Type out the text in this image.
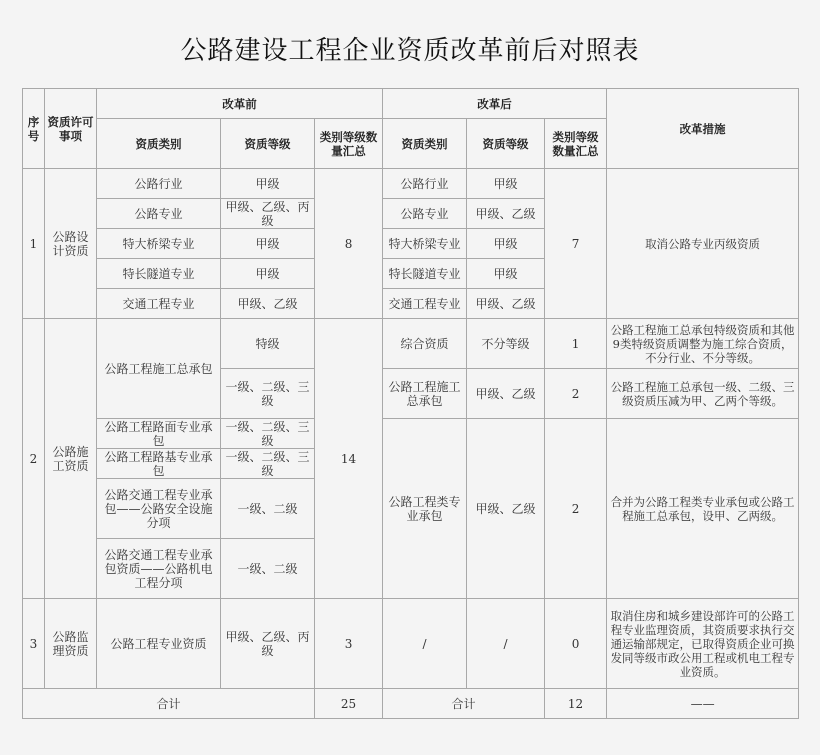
公路建设工程企业资质改革前后对照表
序号	资质许可事项	改革前			改革后			改革措施
		资质类别	资质等级	类别等级数量汇总	资质类别	资质等级	类别等级数量汇总	
1	公路设计资质	公路行业	甲级	8	公路行业	甲级	7	取消公路专业丙级资质
		公路专业	甲级、乙级、丙级		公路专业	甲级、乙级		
		特大桥梁专业	甲级		特大桥梁专业	甲级		
		特长隧道专业	甲级		特长隧道专业	甲级		
		交通工程专业	甲级、乙级		交通工程专业	甲级、乙级		
2	公路施工资质	公路工程施工总承包	特级	14	综合资质	不分等级	1	公路工程施工总承包特级资质和其他9类特级资质调整为施工综合资质，不分行业、不分等级。
			一级、二级、三级		公路工程施工总承包	甲级、乙级	2	公路工程施工总承包一级、二级、三级资质压减为甲、乙两个等级。
		公路工程路面专业承包	一级、二级、三级		公路工程类专业承包	甲级、乙级	2	合并为公路工程类专业承包或公路工程施工总承包，设甲、乙两级。
		公路工程路基专业承包	一级、二级、三级					
		公路交通工程专业承包——公路安全设施分项	一级、二级					
		公路交通工程专业承包资质——公路机电工程分项	一级、二级					
3	公路监理资质	公路工程专业资质	甲级、乙级、丙级	3	/	/	0	取消住房和城乡建设部许可的公路工程专业监理资质，其资质要求执行交通运输部规定，已取得资质企业可换发同等级市政公用工程或机电工程专业资质。
合计				25	合计		12	——
